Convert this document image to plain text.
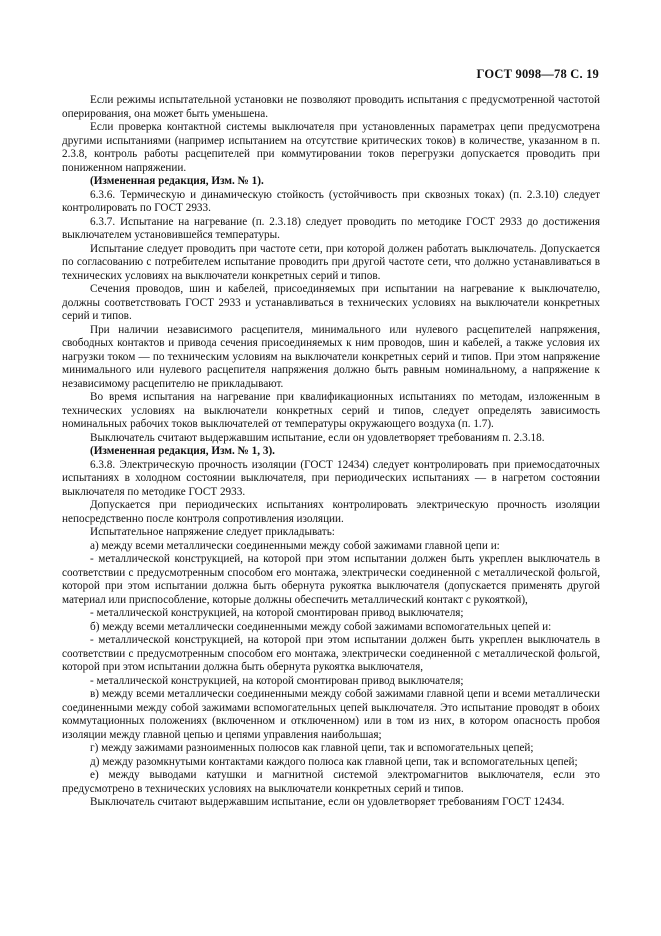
ГОСТ 9098—78 С. 19

Если режимы испытательной установки не позволяют проводить испытания с предусмотренной частотой оперирования, она может быть уменьшена.

Если проверка контактной системы выключателя при установленных параметрах цепи предусмотрена другими испытаниями (например испытанием на отсутствие критических токов) в количестве, указанном в п. 2.3.8, контроль работы расцепителей при коммутировании токов перегрузки допускается проводить при пониженном напряжении.

(Измененная редакция, Изм. № 1).

6.3.6. Термическую и динамическую стойкость (устойчивость при сквозных токах) (п. 2.3.10) следует контролировать по ГОСТ 2933.

6.3.7. Испытание на нагревание (п. 2.3.18) следует проводить по методике ГОСТ 2933 до достижения выключателем установившейся температуры.

Испытание следует проводить при частоте сети, при которой должен работать выключатель. Допускается по согласованию с потребителем испытание проводить при другой частоте сети, что должно устанавливаться в технических условиях на выключатели конкретных серий и типов.

Сечения проводов, шин и кабелей, присоединяемых при испытании на нагревание к выключателю, должны соответствовать ГОСТ 2933 и устанавливаться в технических условиях на выключатели конкретных серий и типов.

При наличии независимого расцепителя, минимального или нулевого расцепителей напряжения, свободных контактов и привода сечения присоединяемых к ним проводов, шин и кабелей, а также условия их нагрузки током — по техническим условиям на выключатели конкретных серий и типов. При этом напряжение минимального или нулевого расцепителя напряжения должно быть равным номинальному, а напряжение к независимому расцепителю не прикладывают.

Во время испытания на нагревание при квалификационных испытаниях по методам, изложенным в технических условиях на выключатели конкретных серий и типов, следует определять зависимость номинальных рабочих токов выключателей от температуры окружающего воздуха (п. 1.7).

Выключатель считают выдержавшим испытание, если он удовлетворяет требованиям п. 2.3.18.

(Измененная редакция, Изм. № 1, 3).

6.3.8. Электрическую прочность изоляции (ГОСТ 12434) следует контролировать при приемосдаточных испытаниях в холодном состоянии выключателя, при периодических испытаниях — в нагретом состоянии выключателя по методике ГОСТ 2933.

Допускается при периодических испытаниях контролировать электрическую прочность изоляции непосредственно после контроля сопротивления изоляции.

Испытательное напряжение следует прикладывать:

а) между всеми металлически соединенными между собой зажимами главной цепи и:

- металлической конструкцией, на которой при этом испытании должен быть укреплен выключатель в соответствии с предусмотренным способом его монтажа, электрически соединенной с металлической фольгой, которой при этом испытании должна быть обернута рукоятка выключателя (допускается применять другой материал или приспособление, которые должны обеспечить металлический контакт с рукояткой),

- металлической конструкцией, на которой смонтирован привод выключателя;

б) между всеми металлически соединенными между собой зажимами вспомогательных цепей и:

- металлической конструкцией, на которой при этом испытании должен быть укреплен выключатель в соответствии с предусмотренным способом его монтажа, электрически соединенной с металлической фольгой, которой при этом испытании должна быть обернута рукоятка выключателя,

- металлической конструкцией, на которой смонтирован привод выключателя;

в) между всеми металлически соединенными между собой зажимами главной цепи и всеми металлически соединенными между собой зажимами вспомогательных цепей выключателя. Это испытание проводят в обоих коммутационных положениях (включенном и отключенном) или в том из них, в котором опасность пробоя изоляции между главной цепью и цепями управления наибольшая;

г) между зажимами разноименных полюсов как главной цепи, так и вспомогательных цепей;

д) между разомкнутыми контактами каждого полюса как главной цепи, так и вспомогательных цепей;

е) между выводами катушки и магнитной системой электромагнитов выключателя, если это предусмотрено в технических условиях на выключатели конкретных серий и типов.

Выключатель считают выдержавшим испытание, если он удовлетворяет требованиям ГОСТ 12434.
